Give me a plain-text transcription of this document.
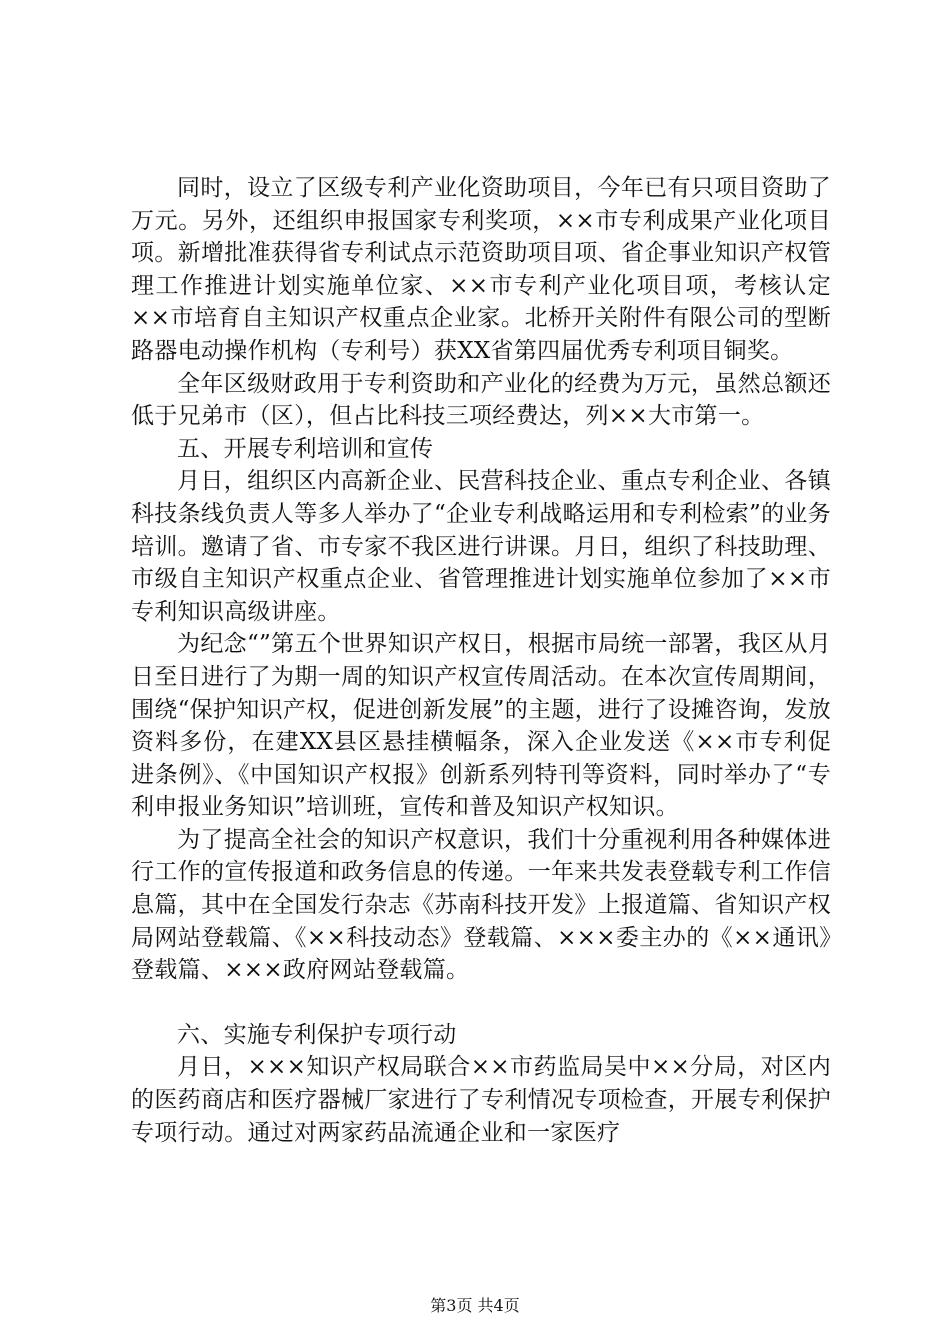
同时，设立了区级专利产业化资助项目，今年已有只项目资助了万元。另外，还组织申报国家专利奖项，××市专利成果产业化项目项。新增批准获得省专利试点示范资助项目项、省企事业知识产权管理工作推进计划实施单位家、××市专利产业化项目项，考核认定××市培育自主知识产权重点企业家。北桥开关附件有限公司的型断路器电动操作机构（专利号）获XX省第四届优秀专利项目铜奖。

全年区级财政用于专利资助和产业化的经费为万元，虽然总额还低于兄弟市（区），但占比科技三项经费达，列××大市第一。

五、开展专利培训和宣传

月日，组织区内高新企业、民营科技企业、重点专利企业、各镇科技条线负责人等多人举办了“企业专利战略运用和专利检索”的业务培训。邀请了省、市专家不我区进行讲课。月日，组织了科技助理、市级自主知识产权重点企业、省管理推进计划实施单位参加了××市专利知识高级讲座。

为纪念“”第五个世界知识产权日，根据市局统一部署，我区从月日至日进行了为期一周的知识产权宣传周活动。在本次宣传周期间，围绕“保护知识产权，促进创新发展”的主题，进行了设摊咨询，发放资料多份，在建XX县区悬挂横幅条，深入企业发送《××市专利促进条例》、《中国知识产权报》创新系列特刊等资料，同时举办了“专利申报业务知识”培训班，宣传和普及知识产权知识。

为了提高全社会的知识产权意识，我们十分重视利用各种媒体进行工作的宣传报道和政务信息的传递。一年来共发表登载专利工作信息篇，其中在全国发行杂志《苏南科技开发》上报道篇、省知识产权局网站登载篇、《××科技动态》登载篇、×××委主办的《××通讯》登载篇、×××政府网站登载篇。

六、实施专利保护专项行动

月日，×××知识产权局联合××市药监局吴中××分局，对区内的医药商店和医疗器械厂家进行了专利情况专项检查，开展专利保护专项行动。通过对两家药品流通企业和一家医疗

第3页 共4页
